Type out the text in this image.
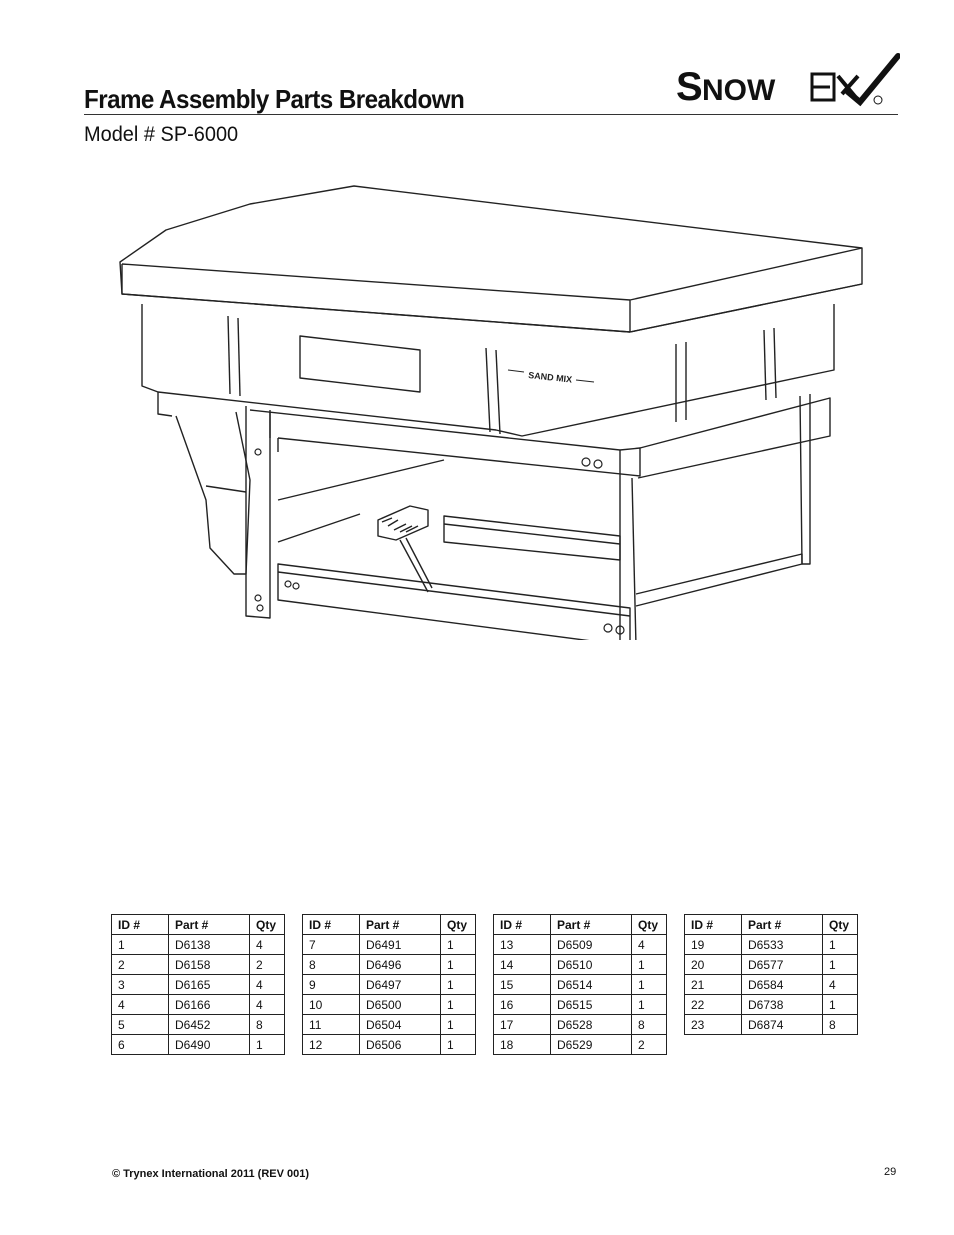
Frame Assembly Parts Breakdown
Model # SP-6000
S NOW
SAND MIX
ID #	Part #	Qty
1	D6138	4
2	D6158	2
3	D6165	4
4	D6166	4
5	D6452	8
6	D6490	1
ID #	Part #	Qty
7	D6491	1
8	D6496	1
9	D6497	1
10	D6500	1
11	D6504	1
12	D6506	1
ID #	Part #	Qty
13	D6509	4
14	D6510	1
15	D6514	1
16	D6515	1
17	D6528	8
18	D6529	2
ID #	Part #	Qty
19	D6533	1
20	D6577	1
21	D6584	4
22	D6738	1
23	D6874	8
© Trynex International 2011 (REV 001)	29
